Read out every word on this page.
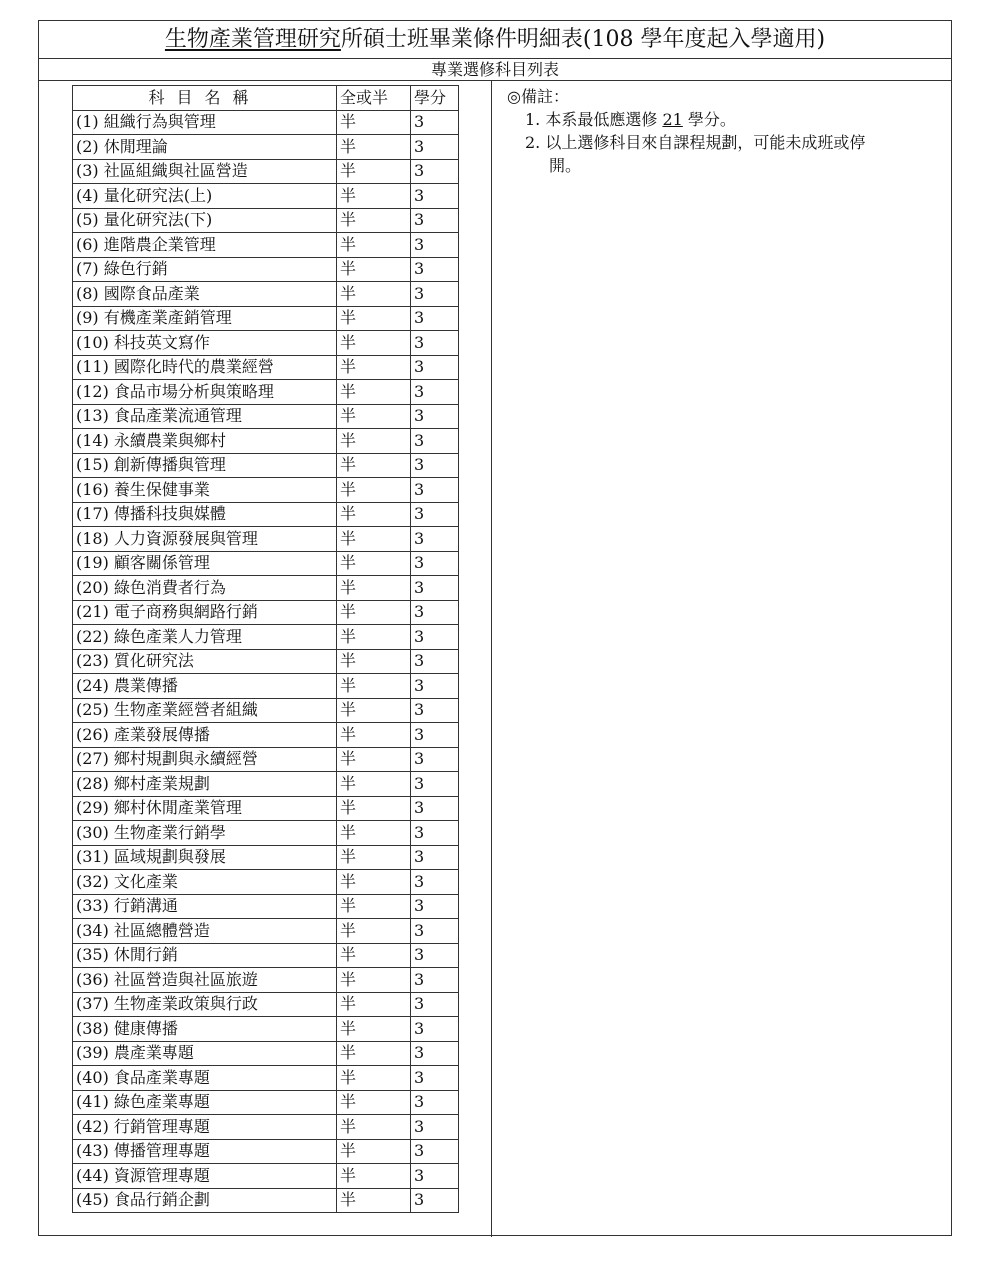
生物產業管理研究所碩士班畢業條件明細表(108 學年度起入學適用)
專業選修科目列表
科目名稱	全或半	學分
(1) 組織行為與管理	半	3
(2) 休閒理論	半	3
(3) 社區組織與社區營造	半	3
(4) 量化研究法(上)	半	3
(5) 量化研究法(下)	半	3
(6) 進階農企業管理	半	3
(7) 綠色行銷	半	3
(8) 國際食品產業	半	3
(9) 有機產業產銷管理	半	3
(10) 科技英文寫作	半	3
(11) 國際化時代的農業經營	半	3
(12) 食品市場分析與策略理	半	3
(13) 食品產業流通管理	半	3
(14) 永續農業與鄉村	半	3
(15) 創新傳播與管理	半	3
(16) 養生保健事業	半	3
(17) 傳播科技與媒體	半	3
(18) 人力資源發展與管理	半	3
(19) 顧客關係管理	半	3
(20) 綠色消費者行為	半	3
(21) 電子商務與網路行銷	半	3
(22) 綠色產業人力管理	半	3
(23) 質化研究法	半	3
(24) 農業傳播	半	3
(25) 生物產業經營者組織	半	3
(26) 產業發展傳播	半	3
(27) 鄉村規劃與永續經營	半	3
(28) 鄉村產業規劃	半	3
(29) 鄉村休閒產業管理	半	3
(30) 生物產業行銷學	半	3
(31) 區域規劃與發展	半	3
(32) 文化產業	半	3
(33) 行銷溝通	半	3
(34) 社區總體營造	半	3
(35) 休閒行銷	半	3
(36) 社區營造與社區旅遊	半	3
(37) 生物產業政策與行政	半	3
(38) 健康傳播	半	3
(39) 農產業專題	半	3
(40) 食品產業專題	半	3
(41) 綠色產業專題	半	3
(42) 行銷管理專題	半	3
(43) 傳播管理專題	半	3
(44) 資源管理專題	半	3
(45) 食品行銷企劃	半	3
◎備註：
1. 本系最低應選修 21 學分。
2. 以上選修科目來自課程規劃，可能未成班或停
開。
